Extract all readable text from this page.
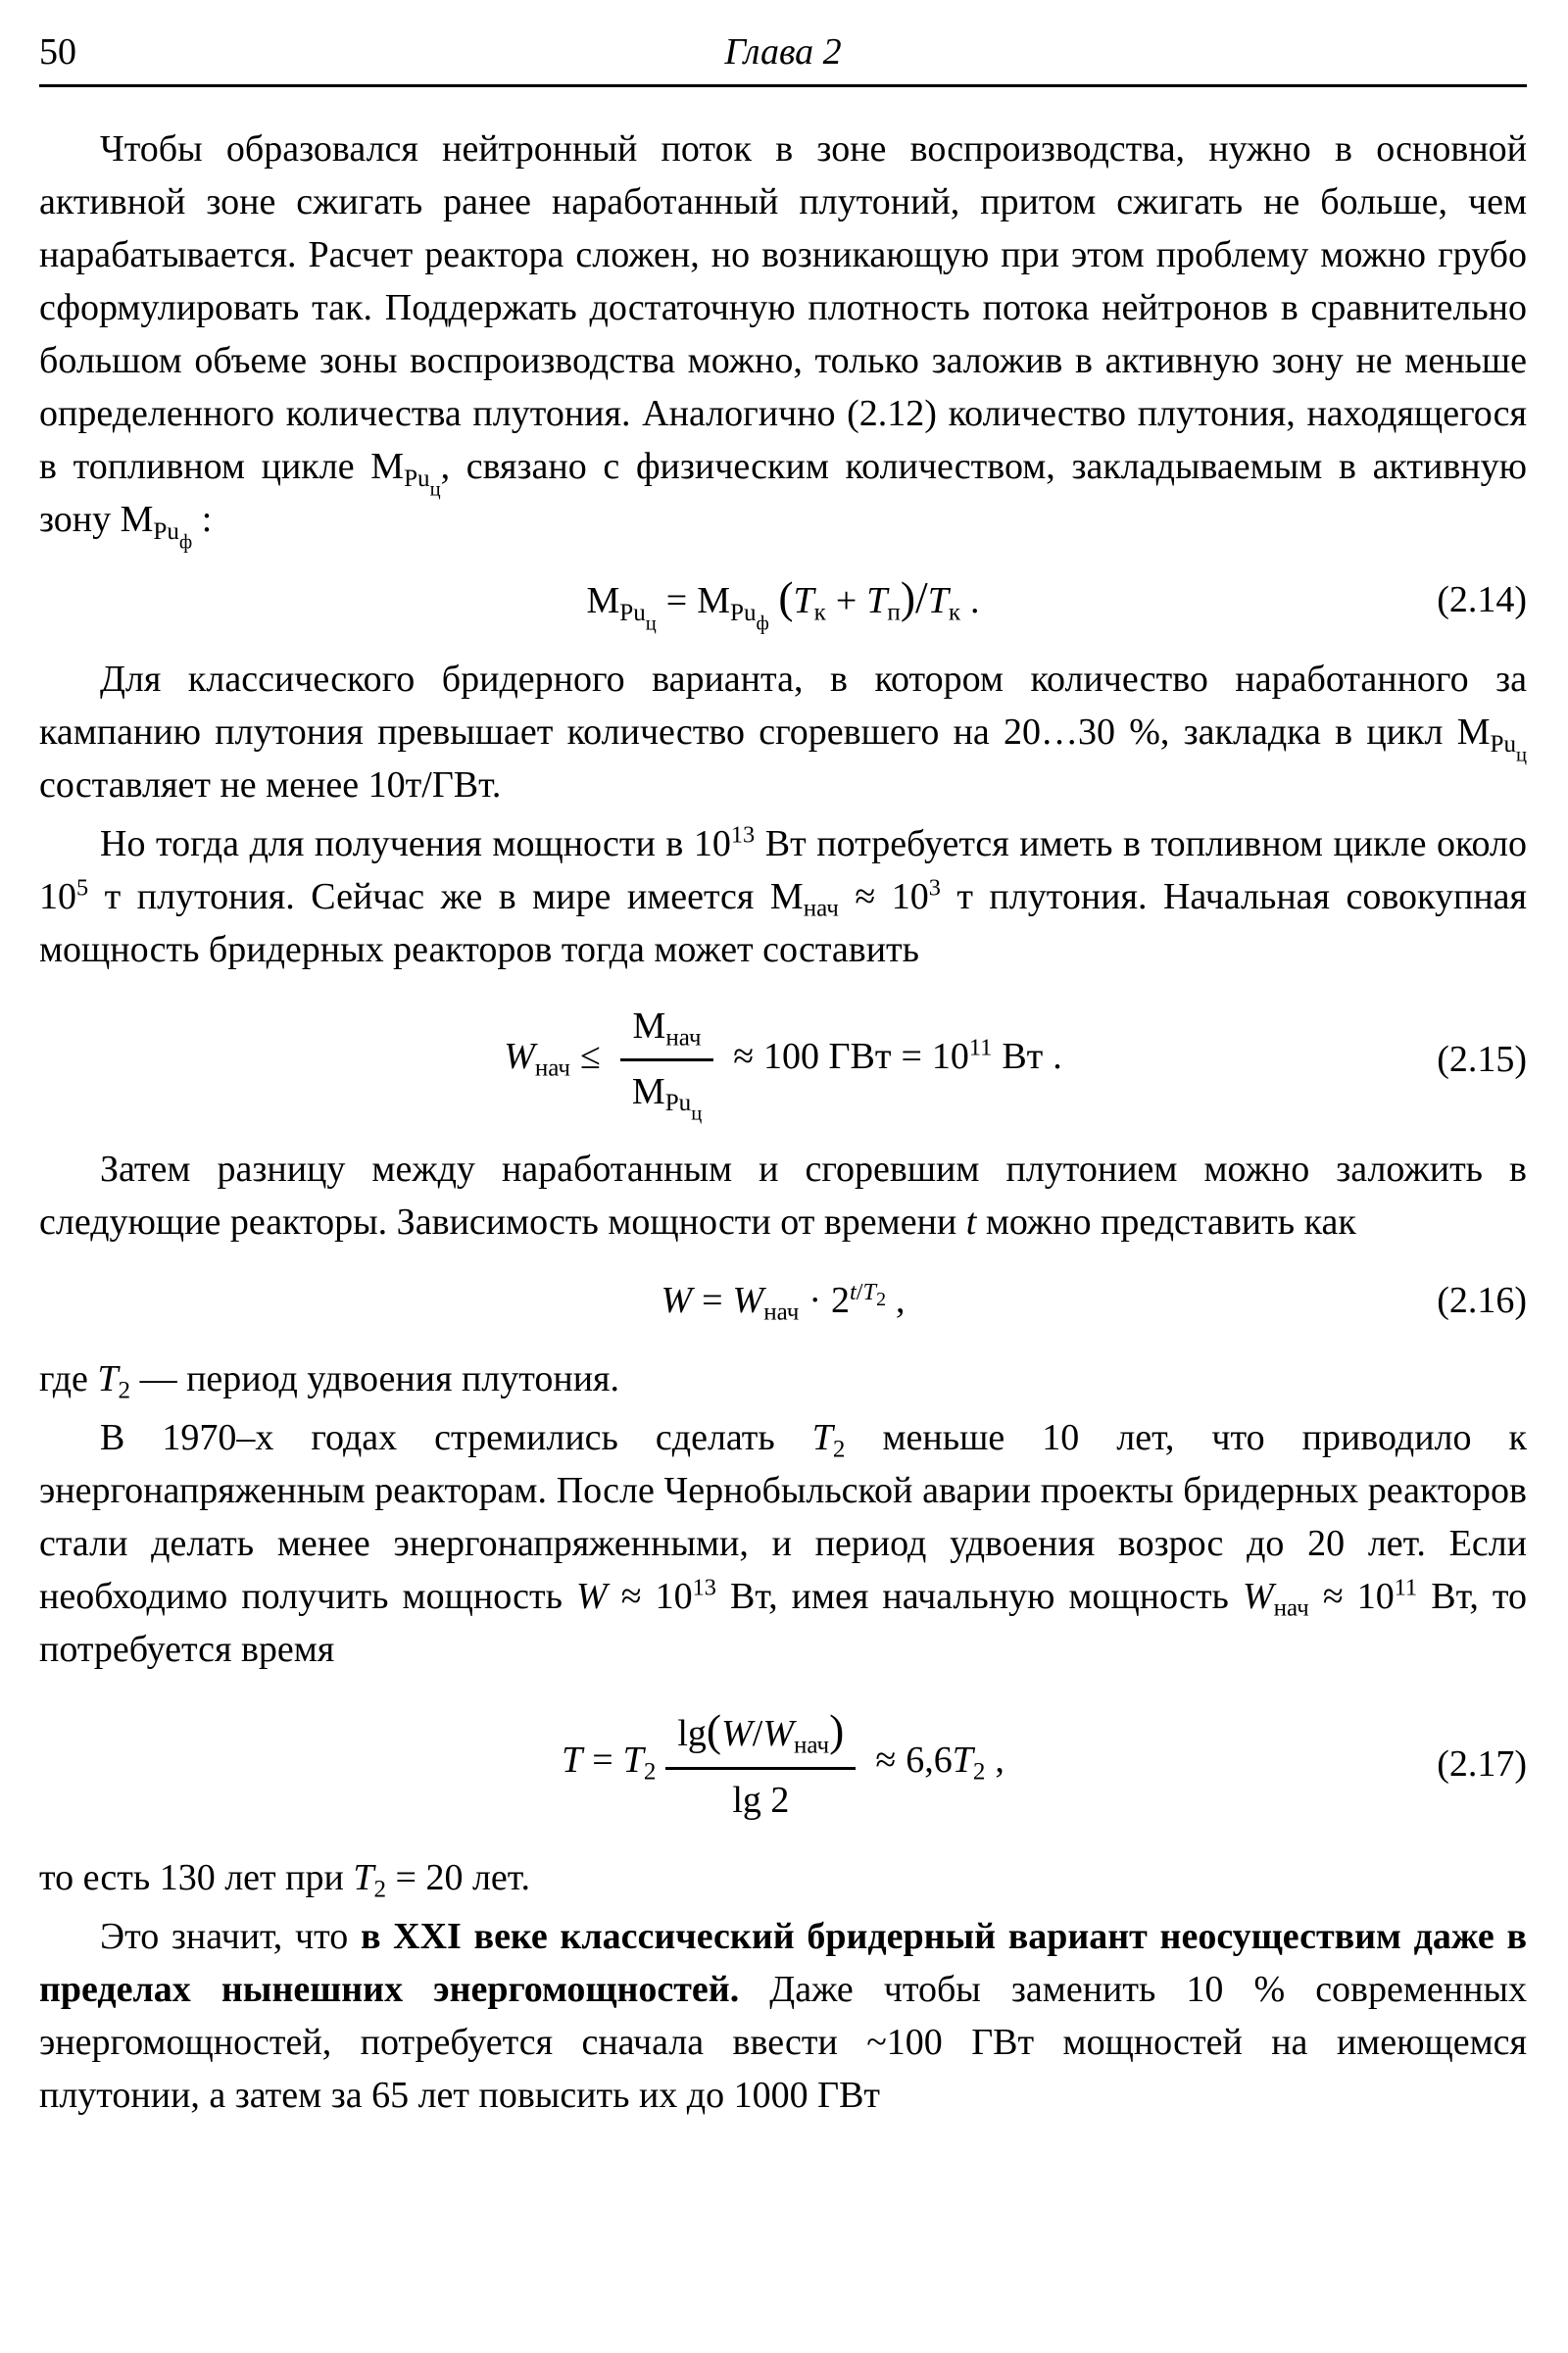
50	Глава 2

Чтобы образовался нейтронный поток в зоне воспроизводства, нужно в основной активной зоне сжигать ранее наработанный плутоний, притом сжигать не больше, чем нарабатывается. Расчет реактора сложен, но возникающую при этом проблему можно грубо сформулировать так. Поддержать достаточную плотность потока нейтронов в сравнительно большом объеме зоны воспроизводства можно, только заложив в активную зону не меньше определенного количества плутония. Аналогично (2.12) количество плутония, находящегося в топливном цикле $M_{Pu_ц}$, связано с физическим количеством, закладываемым в активную зону $M_{Pu_ф}$ :

$M_{Pu_ц}= M_{Pu_ф}$ $(T_к + T_п)/T_к$ .	(2.14)

Для классического бридерного варианта, в котором количество наработанного за кампанию плутония превышает количество сгоревшего на 20…30 %, закладка в цикл $M_{Pu_ц}$ составляет не менее 10т/ГВт.

Но тогда для получения мощности в $10^{13}$ Вт потребуется иметь в топливном цикле около $10^5$ т плутония. Сейчас же в мире имеется $M_{нач} \approx 10^3$ т плутония. Начальная совокупная мощность бридерных реакторов тогда может составить

$W_{нач} \le \frac{M_{нач}}{M_{Pu_ц}} \approx 100$ ГВт = $10^{11}$ Вт .	(2.15)

Затем разницу между наработанным и сгоревшим плутонием можно заложить в следующие реакторы. Зависимость мощности от времени t можно представить как

$W = W_{нач} \cdot 2^{t/T_2}$ ,	(2.16)

где $T_2$ — период удвоения плутония.

В 1970–х годах стремились сделать $T_2$ меньше 10 лет, что приводило к энергонапряженным реакторам. После Чернобыльской аварии проекты бридерных реакторов стали делать менее энергонапряженными, и период удвоения возрос до 20 лет. Если необходимо получить мощность $W \approx 10^{13}$ Вт, имея начальную мощность $W_{нач} \approx 10^{11}$ Вт, то потребуется время

$T = T_2 \frac{\lg(W/W_{нач})}{\lg 2} \approx 6,6T_2$ ,	(2.17)

то есть 130 лет при $T_2 = 20$ лет.

Это значит, что в XXI веке классический бридерный вариант неосуществим даже в пределах нынешних энергомощностей. Даже чтобы заменить 10 % современных энергомощностей, потребуется сначала ввести ~100 ГВт мощностей на имеющемся плутонии, а затем за 65 лет повысить их до 1000 ГВт
